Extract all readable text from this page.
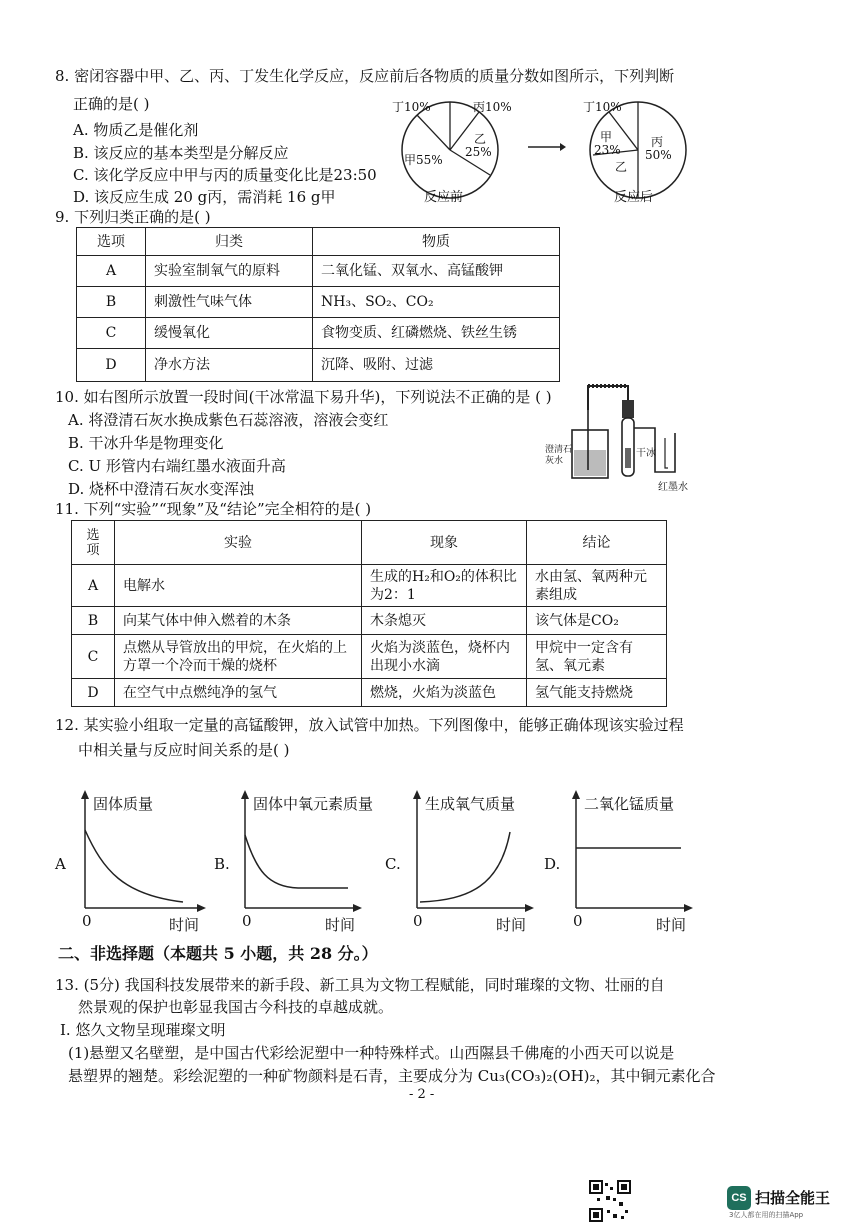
8. 密闭容器中甲、乙、丙、丁发生化学反应，反应前后各物质的质量分数如图所示，下列判断
正确的是( )
A. 物质乙是催化剂
B. 该反应的基本类型是分解反应
C. 该化学反应中甲与丙的质量变化比是23:50
D. 该反应生成 20 g丙，需消耗 16 g甲
丁10%	丙10%
乙
25%
甲55%
反应前
丁10%
甲
23%
丙
50%
乙
反应后
9. 下列归类正确的是( )
选项	归类	物质
A	实验室制氧气的原料	二氧化锰、双氧水、高锰酸钾
B	刺激性气味气体	NH₃、SO₂、CO₂
C	缓慢氧化	食物变质、红磷燃烧、铁丝生锈
D	净水方法	沉降、吸附、过滤
10. 如右图所示放置一段时间(干冰常温下易升华)，下列说法不正确的是 ( )
A. 将澄清石灰水换成紫色石蕊溶液，溶液会变红
B. 干冰升华是物理变化
C. U 形管内右端红墨水液面升高
D. 烧杯中澄清石灰水变浑浊
澄清石灰水
干冰
红墨水
11. 下列“实验”“现象”及“结论”完全相符的是( )
选项	实验	现象	结论
A	电解水	生成的H₂和O₂的体积比为2：1	水由氢、氧两种元素组成
B	向某气体中伸入燃着的木条	木条熄灭	该气体是CO₂
C	点燃从导管放出的甲烷，在火焰的上方罩一个冷而干燥的烧杯	火焰为淡蓝色，烧杯内出现小水滴	甲烷中一定含有氢、氧元素
D	在空气中点燃纯净的氢气	燃烧，火焰为淡蓝色	氢气能支持燃烧
12. 某实验小组取一定量的高锰酸钾，放入试管中加热。下列图像中，能够正确体现该实验过程
中相关量与反应时间关系的是( )
A
固体质量
0	时间
B.
固体中氧元素质量
0	时间
C.
生成氧气质量
0	时间
D.
二氧化锰质量
0	时间
二、非选择题（本题共 5 小题，共 28 分。）
13. (5分) 我国科技发展带来的新手段、新工具为文物工程赋能，同时璀璨的文物、壮丽的自
然景观的保护也彰显我国古今科技的卓越成就。
Ⅰ. 悠久文物呈现璀璨文明
(1)悬塑又名壁塑，是中国古代彩绘泥塑中一种特殊样式。山西隰县千佛庵的小西天可以说是
悬塑界的翘楚。彩绘泥塑的一种矿物颜料是石青，主要成分为 Cu₃(CO₃)₂(OH)₂，其中铜元素化合
- 2 -
CS 扫描全能王
3亿人都在用的扫描App
